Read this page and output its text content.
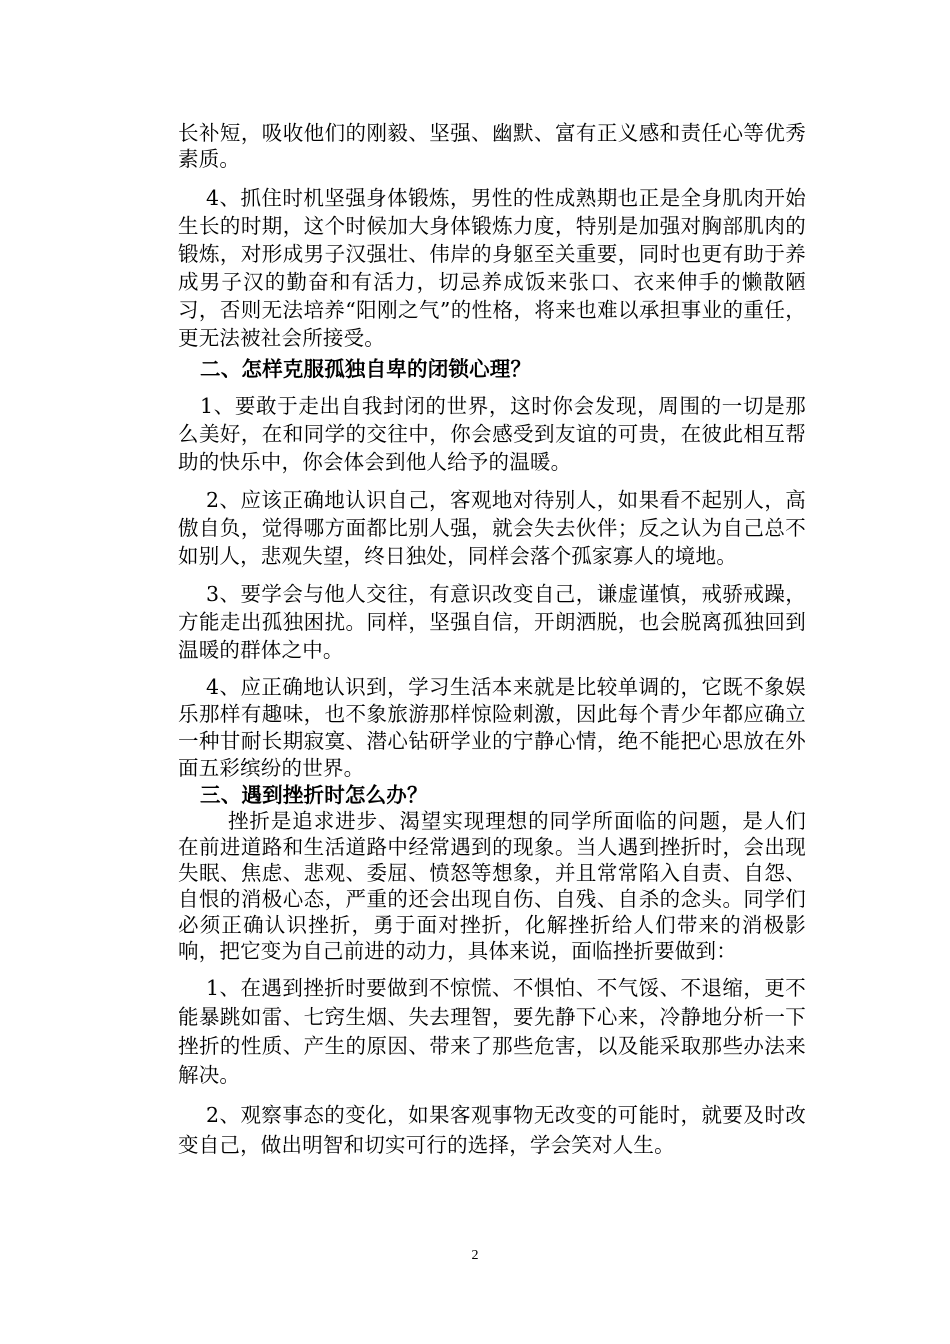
长补短，吸收他们的刚毅、坚强、幽默、富有正义感和责任心等优秀素质。

4、抓住时机坚强身体锻炼，男性的性成熟期也正是全身肌肉开始生长的时期，这个时候加大身体锻炼力度，特别是加强对胸部肌肉的锻炼，对形成男子汉强壮、伟岸的身躯至关重要，同时也更有助于养成男子汉的勤奋和有活力，切忌养成饭来张口、衣来伸手的懒散陋习，否则无法培养“阳刚之气”的性格，将来也难以承担事业的重任，更无法被社会所接受。

二、怎样克服孤独自卑的闭锁心理？

1、要敢于走出自我封闭的世界，这时你会发现，周围的一切是那么美好，在和同学的交往中，你会感受到友谊的可贵，在彼此相互帮助的快乐中，你会体会到他人给予的温暖。

2、应该正确地认识自己，客观地对待别人，如果看不起别人，高傲自负，觉得哪方面都比别人强，就会失去伙伴；反之认为自己总不如别人，悲观失望，终日独处，同样会落个孤家寡人的境地。

3、要学会与他人交往，有意识改变自己，谦虚谨慎，戒骄戒躁，方能走出孤独困扰。同样，坚强自信，开朗洒脱，也会脱离孤独回到温暖的群体之中。

4、应正确地认识到，学习生活本来就是比较单调的，它既不象娱乐那样有趣味，也不象旅游那样惊险刺激，因此每个青少年都应确立一种甘耐长期寂寞、潜心钻研学业的宁静心情，绝不能把心思放在外面五彩缤纷的世界。

三、遇到挫折时怎么办？

挫折是追求进步、渴望实现理想的同学所面临的问题，是人们在前进道路和生活道路中经常遇到的现象。当人遇到挫折时，会出现失眠、焦虑、悲观、委屈、愤怒等想象，并且常常陷入自责、自怨、自恨的消极心态，严重的还会出现自伤、自残、自杀的念头。同学们必须正确认识挫折，勇于面对挫折，化解挫折给人们带来的消极影响，把它变为自己前进的动力，具体来说，面临挫折要做到：

1、在遇到挫折时要做到不惊慌、不惧怕、不气馁、不退缩，更不能暴跳如雷、七窍生烟、失去理智，要先静下心来，冷静地分析一下挫折的性质、产生的原因、带来了那些危害，以及能采取那些办法来解决。

2、观察事态的变化，如果客观事物无改变的可能时，就要及时改变自己，做出明智和切实可行的选择，学会笑对人生。

2
